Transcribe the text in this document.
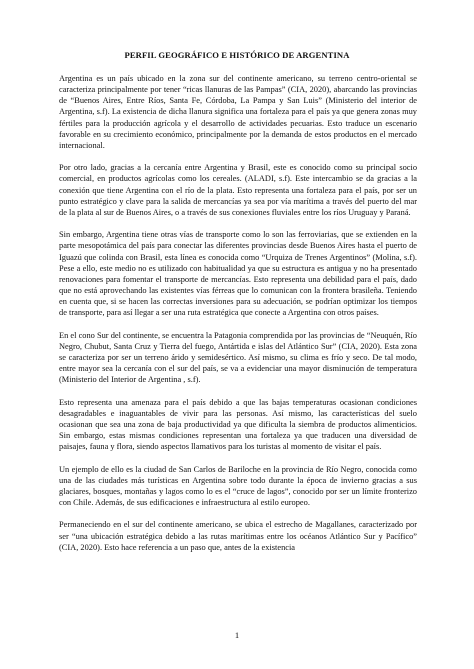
PERFIL GEOGRÁFICO E HISTÓRICO DE ARGENTINA

Argentina es un país ubicado en la zona sur del continente americano, su terreno centro-oriental se caracteriza principalmente por tener “ricas llanuras de las Pampas” (CIA, 2020), abarcando las provincias de “Buenos Aires, Entre Ríos, Santa Fe, Córdoba, La Pampa y San Luis” (Ministerio del interior de Argentina, s.f). La existencia de dicha llanura significa una fortaleza para el país ya que genera zonas muy fértiles para la producción agrícola y el desarrollo de actividades pecuarias. Esto traduce un escenario favorable en su crecimiento económico, principalmente por la demanda de estos productos en el mercado internacional.

Por otro lado, gracias a la cercanía entre Argentina y Brasil, este es conocido como su principal socio comercial, en productos agrícolas como los cereales. (ALADI, s.f). Este intercambio se da gracias a la conexión que tiene Argentina con el río de la plata. Esto representa una fortaleza para el país, por ser un punto estratégico y clave para la salida de mercancías ya sea por vía marítima a través del puerto del mar de la plata al sur de Buenos Aires, o a través de sus conexiones fluviales entre los ríos Uruguay y Paraná.

Sin embargo, Argentina tiene otras vías de transporte como lo son las ferroviarias, que se extienden en la parte mesopotámica del país para conectar las diferentes provincias desde Buenos Aires hasta el puerto de Iguazú que colinda con Brasil, esta línea es conocida como “Urquiza de Trenes Argentinos” (Molina, s.f). Pese a ello, este medio no es utilizado con habitualidad ya que su estructura es antigua y no ha presentado renovaciones para fomentar el transporte de mercancías. Esto representa una debilidad para el país, dado que no está aprovechando las existentes vías férreas que lo comunican con la frontera brasileña. Teniendo en cuenta que, si se hacen las correctas inversiones para su adecuación, se podrían optimizar los tiempos de transporte, para así llegar a ser una ruta estratégica que conecte a Argentina con otros países.

En el cono Sur del continente, se encuentra la Patagonia comprendida por las provincias de “Neuquén, Río Negro, Chubut, Santa Cruz y Tierra del fuego, Antártida e islas del Atlántico Sur” (CIA, 2020). Esta zona se caracteriza por ser un terreno árido y semidesértico. Así mismo, su clima es frío y seco. De tal modo, entre mayor sea la cercanía con el sur del país, se va a evidenciar una mayor disminución de temperatura (Ministerio del Interior de Argentina , s.f).

Esto representa una amenaza para el país debido a que las bajas temperaturas ocasionan condiciones desagradables e inaguantables de vivir para las personas. Así mismo, las características del suelo ocasionan que sea una zona de baja productividad ya que dificulta la siembra de productos alimenticios. Sin embargo, estas mismas condiciones representan una fortaleza ya que traducen una diversidad de paisajes, fauna y flora, siendo aspectos llamativos para los turistas al momento de visitar el país.

Un ejemplo de ello es la ciudad de San Carlos de Bariloche en la provincia de Río Negro, conocida como una de las ciudades más turísticas en Argentina sobre todo durante la época de invierno gracias a sus glaciares, bosques, montañas y lagos como lo es el “cruce de lagos”, conocido por ser un límite fronterizo con Chile. Además, de sus edificaciones e infraestructura al estilo europeo.

Permaneciendo en el sur del continente americano, se ubica el estrecho de Magallanes, caracterizado por ser “una ubicación estratégica debido a las rutas marítimas entre los océanos Atlántico Sur y Pacífico” (CIA, 2020). Esto hace referencia a un paso que, antes de la existencia

1
